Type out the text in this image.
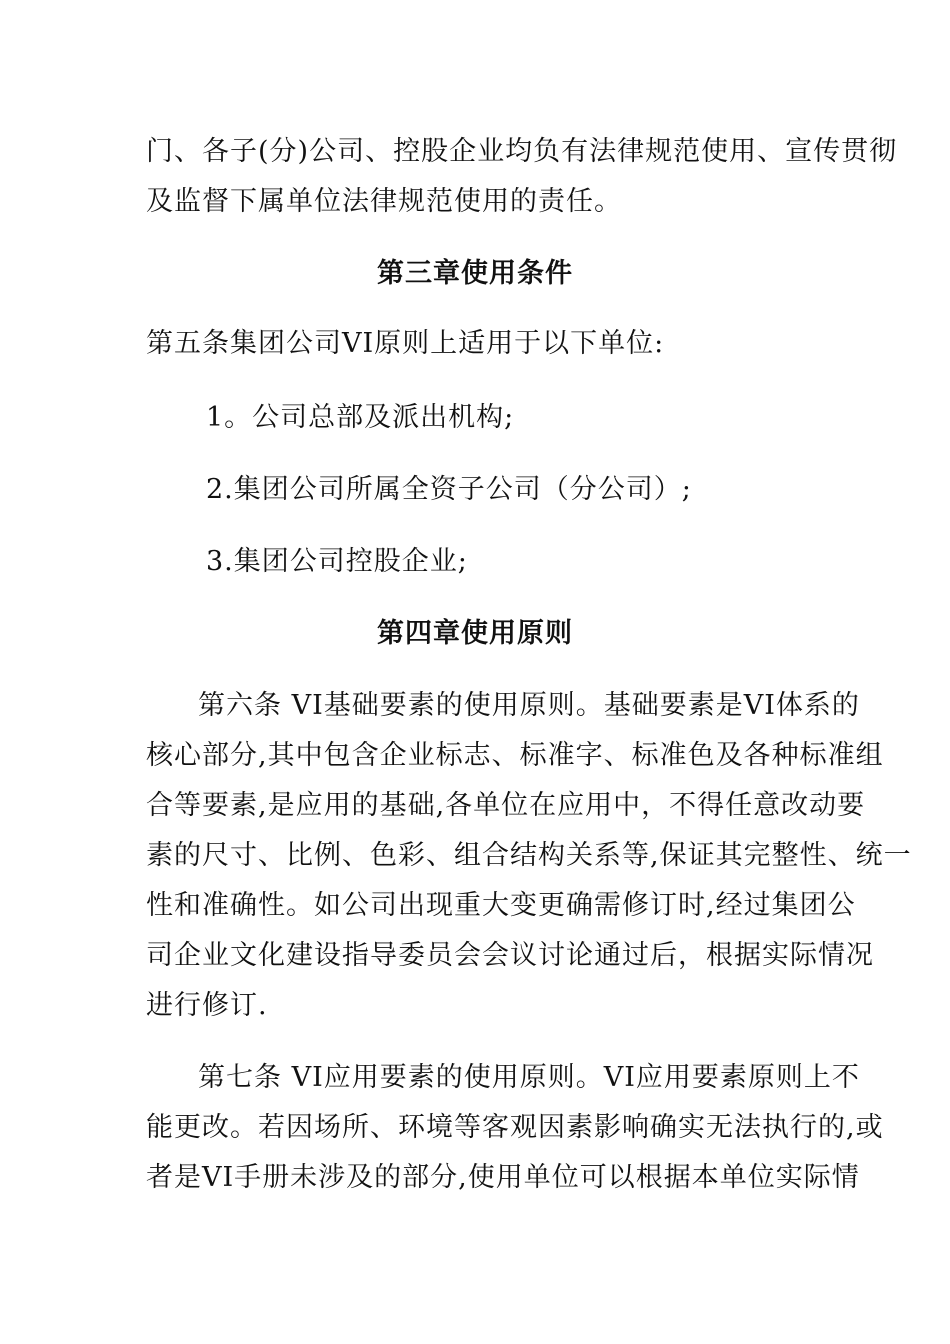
门、各子(分)公司、控股企业均负有法律规范使用、宣传贯彻
及监督下属单位法律规范使用的责任。
第三章使用条件
第五条集团公司VI原则上适用于以下单位:
1。公司总部及派出机构;
2.集团公司所属全资子公司（分公司）;
3.集团公司控股企业;
第四章使用原则
第六条 VI基础要素的使用原则。基础要素是VI体系的
核心部分,其中包含企业标志、标准字、标准色及各种标准组
合等要素,是应用的基础,各单位在应用中，不得任意改动要
素的尺寸、比例、色彩、组合结构关系等,保证其完整性、统一
性和准确性。如公司出现重大变更确需修订时,经过集团公
司企业文化建设指导委员会会议讨论通过后，根据实际情况
进行修订.
第七条 VI应用要素的使用原则。VI应用要素原则上不
能更改。若因场所、环境等客观因素影响确实无法执行的,或
者是VI手册未涉及的部分,使用单位可以根据本单位实际情
